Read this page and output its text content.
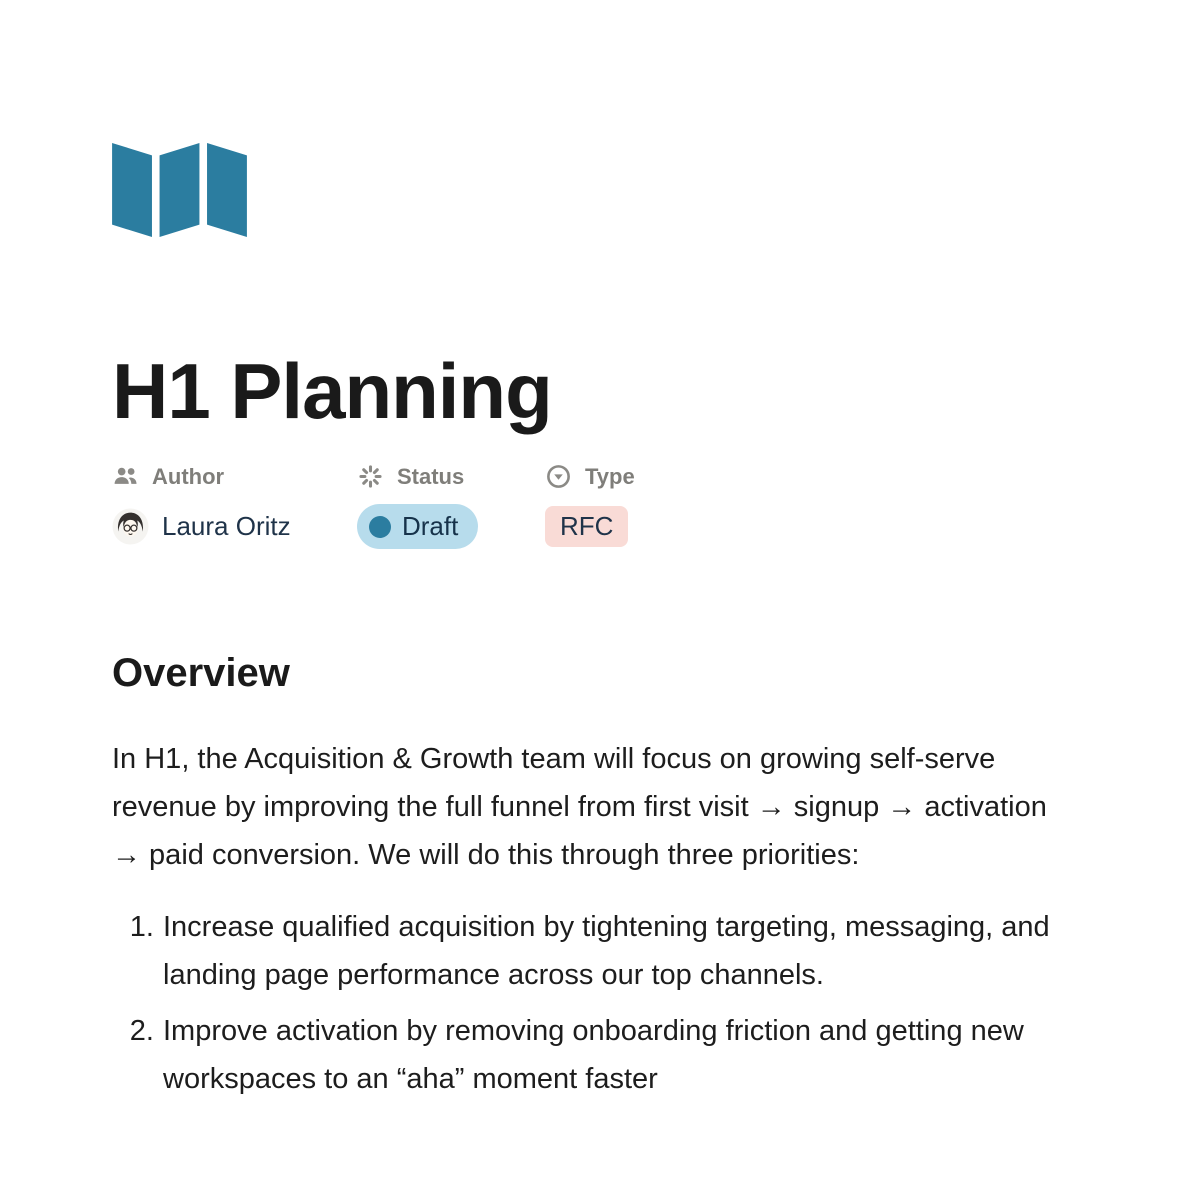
H1 Planning
Author	Status	Type
Laura Oritz	Draft	RFC
Overview

In H1, the Acquisition & Growth team will focus on growing self-serve revenue by improving the full funnel from first visit → signup → activation → paid conversion. We will do this through three priorities:

1. Increase qualified acquisition by tightening targeting, messaging, and landing page performance across our top channels.
2. Improve activation by removing onboarding friction and getting new workspaces to an “aha” moment faster
